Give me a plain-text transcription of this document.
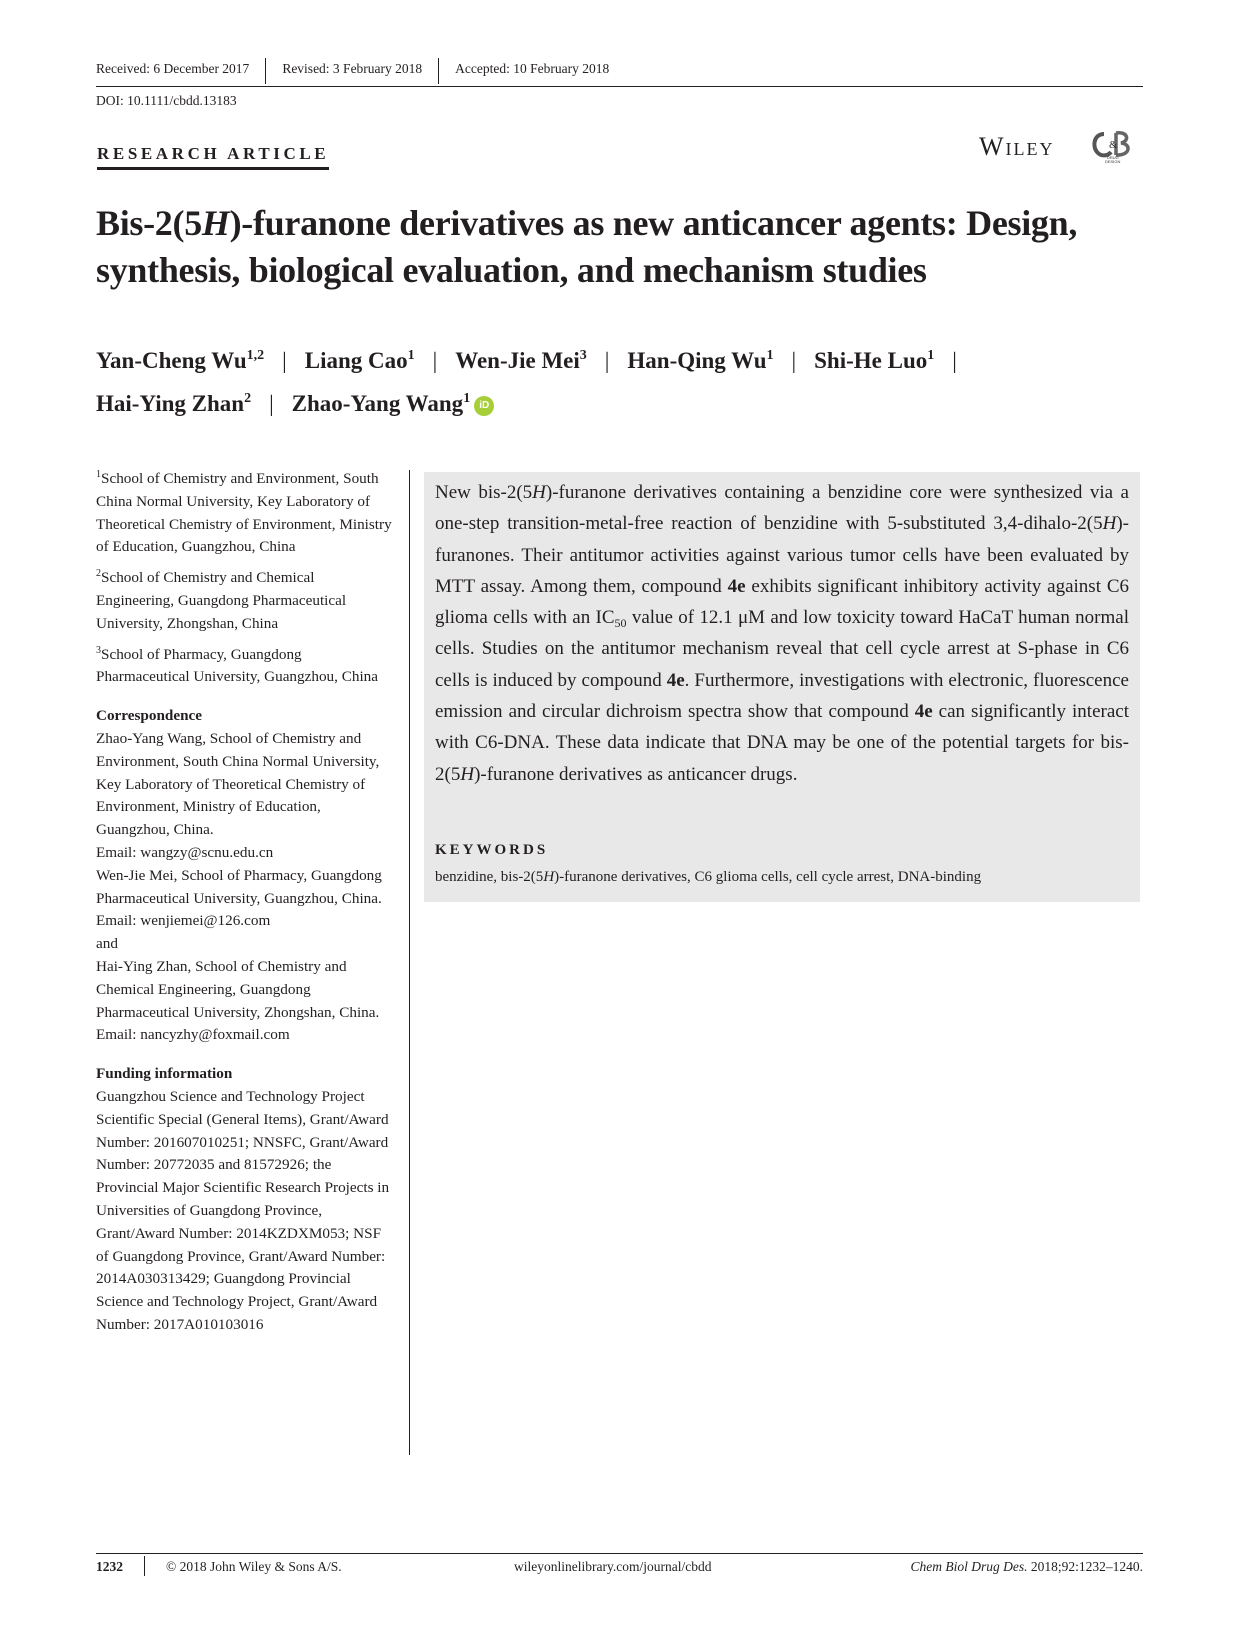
Received: 6 December 2017 Revised: 3 February 2018 Accepted: 10 February 2018
DOI: 10.1111/cbdd.13183
RESEARCH ARTICLE	Wiley	&
DRUG
DESIGN
Bis-2(5H)-furanone derivatives as new anticancer agents: Design, synthesis, biological evaluation, and mechanism studies
Yan-Cheng Wu$^{1,2}$ | Liang Cao$^1$ | Wen-Jie Mei$^3$ | Han-Qing Wu$^1$ | Shi-He Luo$^1$ |
Hai-Ying Zhan$^2$ | Zhao-Yang Wang$^1$ iD

$^1$School of Chemistry and Environment, South China Normal University, Key Laboratory of Theoretical Chemistry of Environment, Ministry of Education, Guangzhou, China

$^2$School of Chemistry and Chemical Engineering, Guangdong Pharmaceutical University, Zhongshan, China

$^3$School of Pharmacy, Guangdong Pharmaceutical University, Guangzhou, China

Correspondence
Zhao-Yang Wang, School of Chemistry and Environment, South China Normal University, Key Laboratory of Theoretical Chemistry of Environment, Ministry of Education, Guangzhou, China.
Email: wangzy@scnu.edu.cn
Wen-Jie Mei, School of Pharmacy, Guangdong Pharmaceutical University, Guangzhou, China.
Email: wenjiemei@126.com
and
Hai-Ying Zhan, School of Chemistry and Chemical Engineering, Guangdong Pharmaceutical University, Zhongshan, China.
Email: nancyzhy@foxmail.com
Funding information
Guangzhou Science and Technology Project Scientific Special (General Items), Grant/Award Number: 201607010251; NNSFC, Grant/Award Number: 20772035 and 81572926; the Provincial Major Scientific Research Projects in Universities of Guangdong Province, Grant/Award Number: 2014KZDXM053; NSF of Guangdong Province, Grant/Award Number: 2014A030313429; Guangdong Provincial Science and Technology Project, Grant/Award Number: 2017A010103016
New bis-2(5H)-furanone derivatives containing a benzidine core were synthesized via a one-step transition-metal-free reaction of benzidine with 5-substituted 3,4-dihalo-2(5H)-furanones. Their antitumor activities against various tumor cells have been evaluated by MTT assay. Among them, compound 4e exhibits significant inhibitory activity against C6 glioma cells with an $IC_{50}$ value of 12.1 μM and low toxicity toward HaCaT human normal cells. Studies on the antitumor mechanism reveal that cell cycle arrest at S-phase in C6 cells is induced by compound 4e. Furthermore, investigations with electronic, fluorescence emission and circular dichroism spectra show that compound 4e can significantly interact with C6-DNA. These data indicate that DNA may be one of the potential targets for bis-2(5H)-furanone derivatives as anticancer drugs.
KEYWORDS
benzidine, bis-2(5H)-furanone derivatives, C6 glioma cells, cell cycle arrest, DNA-binding
1232	© 2018 John Wiley & Sons A/S.	wileyonlinelibrary.com/journal/cbdd	Chem Biol Drug Des. 2018;92:1232–1240.
